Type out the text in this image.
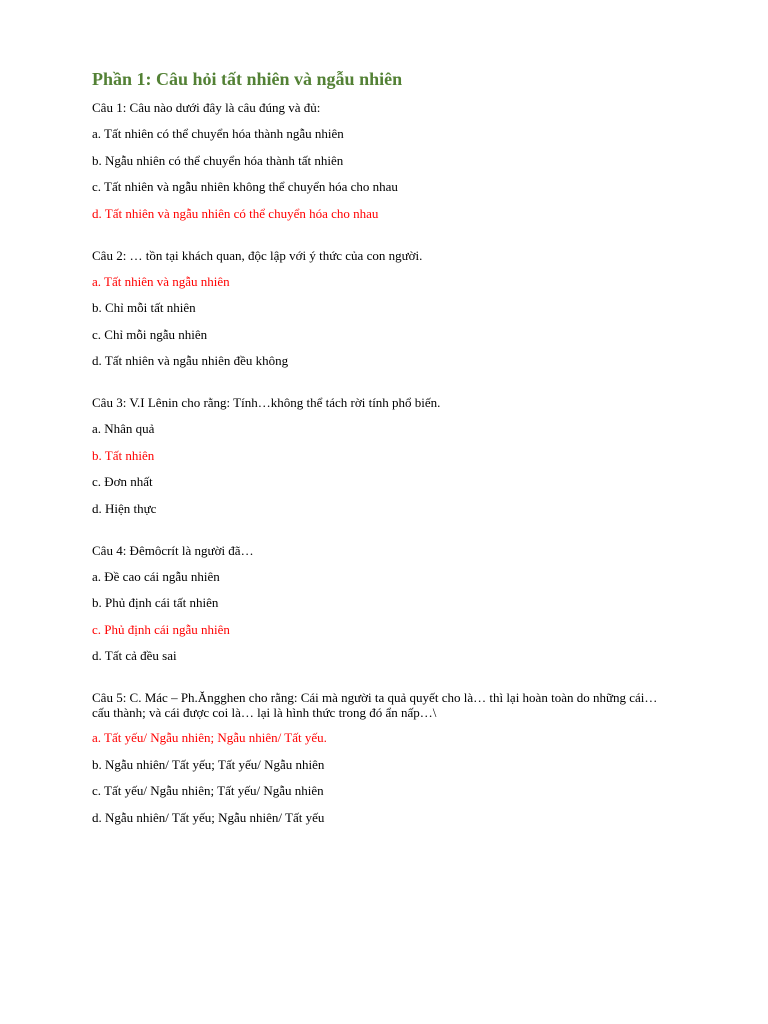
Phần 1: Câu hỏi tất nhiên và ngẫu nhiên
Câu 1: Câu nào dưới đây là câu đúng và đủ:
a. Tất nhiên có thể chuyển hóa thành ngẫu nhiên
b. Ngẫu nhiên có thể chuyển hóa thành tất nhiên
c. Tất nhiên và ngẫu nhiên không thể chuyển hóa cho nhau
d. Tất nhiên và ngẫu nhiên có thể chuyển hóa cho nhau
Câu 2: … tồn tại khách quan, độc lập với ý thức của con người.
a. Tất nhiên và ngẫu nhiên
b. Chỉ mỗi tất nhiên
c. Chỉ mỗi ngẫu nhiên
d. Tất nhiên và ngẫu nhiên đều không
Câu 3: V.I Lênin cho rằng: Tính…không thể tách rời tính phổ biến.
a. Nhân quả
b. Tất nhiên
c. Đơn nhất
d. Hiện thực
Câu 4: Đêmôcrít là người đã…
a. Đề cao cái ngẫu nhiên
b. Phủ định cái tất nhiên
c. Phủ định cái ngẫu nhiên
d. Tất cả đều sai
Câu 5: C. Mác – Ph.Ăngghen cho rằng: Cái mà người ta quả quyết cho là… thì lại hoàn toàn do những cái… cấu thành; và cái được coi là… lại là hình thức trong đó ẩn nấp…\
a. Tất yếu/ Ngẫu nhiên; Ngẫu nhiên/ Tất yếu.
b. Ngẫu nhiên/ Tất yếu; Tất yếu/ Ngẫu nhiên
c. Tất yếu/ Ngẫu nhiên; Tất yếu/ Ngẫu nhiên
d. Ngẫu nhiên/ Tất yếu; Ngẫu nhiên/ Tất yếu
